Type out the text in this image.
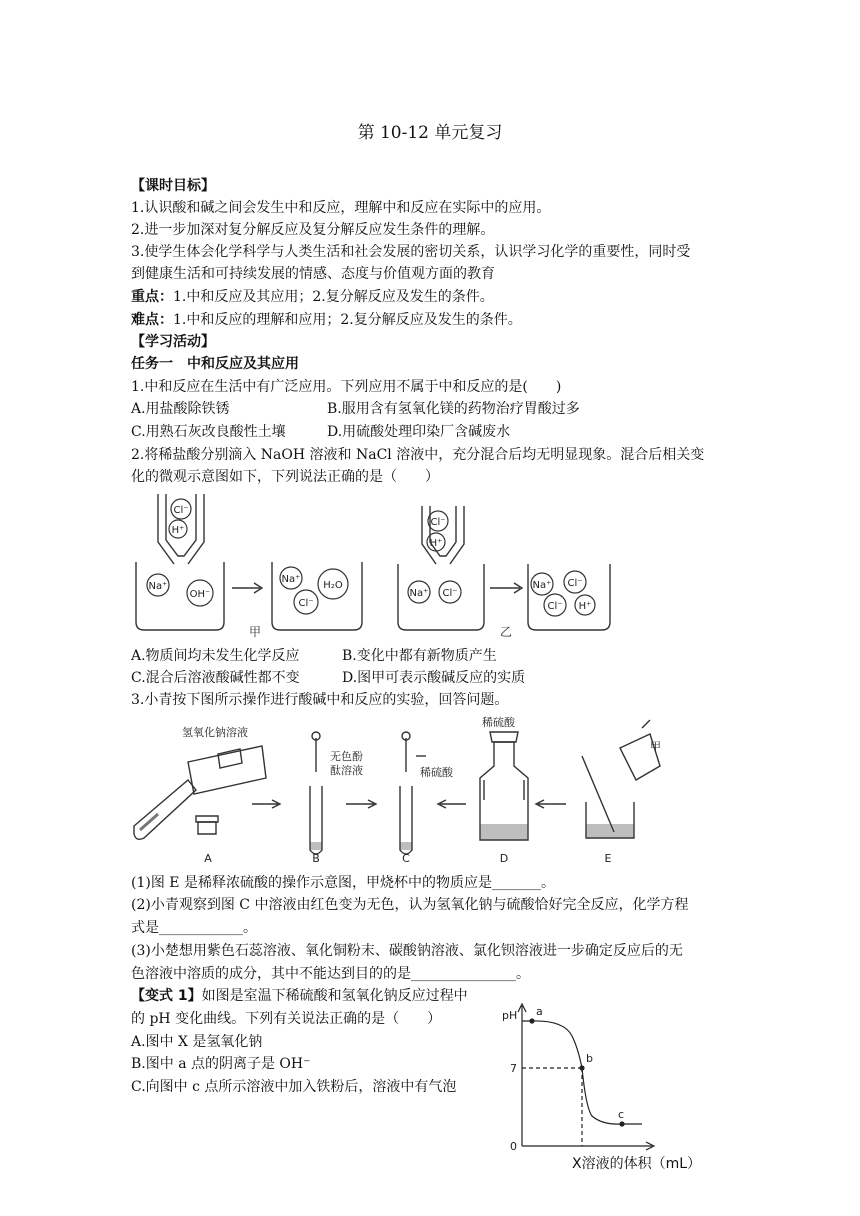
第 10-12 单元复习
【课时目标】
1.认识酸和碱之间会发生中和反应，理解中和反应在实际中的应用。
2.进一步加深对复分解反应及复分解反应发生条件的理解。
3.使学生体会化学科学与人类生活和社会发展的密切关系，认识学习化学的重要性，同时受
到健康生活和可持续发展的情感、态度与价值观方面的教育
重点：1.中和反应及其应用；2.复分解反应及发生的条件。
难点：1.中和反应的理解和应用；2.复分解反应及发生的条件。
【学习活动】
任务一　中和反应及其应用
1.中和反应在生活中有广泛应用。下列应用不属于中和反应的是(　　)
A.用盐酸除铁锈	B.服用含有氢氧化镁的药物治疗胃酸过多
C.用熟石灰改良酸性土壤	D.用硫酸处理印染厂含碱废水
2.将稀盐酸分别滴入 NaOH 溶液和 NaCl 溶液中，充分混合后均无明显现象。混合后相关变
化的微观示意图如下，下列说法正确的是（　　）
Cl⁻
H⁺
Na⁺
OH⁻
Na⁺
H₂O
Cl⁻
Cl⁻
H⁺
Na⁺ Cl⁻
Na⁺ Cl⁻
Cl⁻ H⁺
甲	乙
A.物质间均未发生化学反应	B.变化中都有新物质产生
C.混合后溶液酸碱性都不变	D.图甲可表示酸碱反应的实质
3.小青按下图所示操作进行酸碱中和反应的实验，回答问题。
氢氧化钠溶液
无色酚
酞溶液	稀硫酸
稀硫酸
甲
A	B	C	D	E
(1)图 E 是稀释浓硫酸的操作示意图，甲烧杯中的物质应是_______。
(2)小青观察到图 C 中溶液由红色变为无色，认为氢氧化钠与硫酸恰好完全反应，化学方程
式是____________。
(3)小楚想用紫色石蕊溶液、氧化铜粉末、碳酸钠溶液、氯化钡溶液进一步确定反应后的无
色溶液中溶质的成分，其中不能达到目的的是_______________。
【变式 1】如图是室温下稀硫酸和氢氧化钠反应过程中
的 pH 变化曲线。下列有关说法正确的是（　　）
A.图中 X 是氢氧化钠
B.图中 a 点的阴离子是 OH⁻
C.向图中 c 点所示溶液中加入铁粉后，溶液中有气泡
pH a
b
c
7
0
X溶液的体积（mL）
